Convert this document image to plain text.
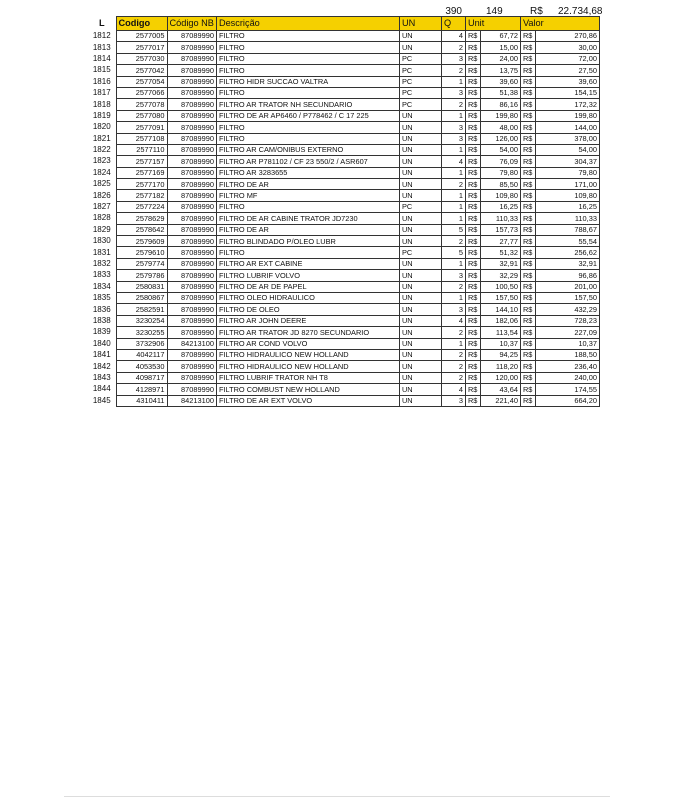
390 149	R$ 22.734,68
L	Codigo	Código NB	Descrição	UN	Q	Unit		Valor	
1812	2577005	87089990	FILTRO	UN	4	R$	67,72	R$	270,86
1813	2577017	87089990	FILTRO	UN	2	R$	15,00	R$	30,00
1814	2577030	87089990	FILTRO	PC	3	R$	24,00	R$	72,00
1815	2577042	87089990	FILTRO	PC	2	R$	13,75	R$	27,50
1816	2577054	87089990	FILTRO HIDR SUCCAO VALTRA	PC	1	R$	39,60	R$	39,60
1817	2577066	87089990	FILTRO	PC	3	R$	51,38	R$	154,15
1818	2577078	87089990	FILTRO AR TRATOR NH SECUNDARIO	PC	2	R$	86,16	R$	172,32
1819	2577080	87089990	FILTRO DE AR AP6460 / P778462 / C 17 225	UN	1	R$	199,80	R$	199,80
1820	2577091	87089990	FILTRO	UN	3	R$	48,00	R$	144,00
1821	2577108	87089990	FILTRO	UN	3	R$	126,00	R$	378,00
1822	2577110	87089990	FILTRO AR CAM/ONIBUS EXTERNO	UN	1	R$	54,00	R$	54,00
1823	2577157	87089990	FILTRO AR P781102 / CF 23 550/2 / ASR607	UN	4	R$	76,09	R$	304,37
1824	2577169	87089990	FILTRO AR 3283655	UN	1	R$	79,80	R$	79,80
1825	2577170	87089990	FILTRO DE AR	UN	2	R$	85,50	R$	171,00
1826	2577182	87089990	FILTRO MF	UN	1	R$	109,80	R$	109,80
1827	2577224	87089990	FILTRO	PC	1	R$	16,25	R$	16,25
1828	2578629	87089990	FILTRO DE AR CABINE TRATOR JD7230	UN	1	R$	110,33	R$	110,33
1829	2578642	87089990	FILTRO DE AR	UN	5	R$	157,73	R$	788,67
1830	2579609	87089990	FILTRO BLINDADO P/OLEO LUBR	UN	2	R$	27,77	R$	55,54
1831	2579610	87089990	FILTRO	PC	5	R$	51,32	R$	256,62
1832	2579774	87089990	FILTRO AR EXT CABINE	UN	1	R$	32,91	R$	32,91
1833	2579786	87089990	FILTRO LUBRIF VOLVO	UN	3	R$	32,29	R$	96,86
1834	2580831	87089990	FILTRO DE AR DE PAPEL	UN	2	R$	100,50	R$	201,00
1835	2580867	87089990	FILTRO OLEO HIDRAULICO	UN	1	R$	157,50	R$	157,50
1836	2582591	87089990	FILTRO DE OLEO	UN	3	R$	144,10	R$	432,29
1838	3230254	87089990	FILTRO AR JOHN DEERE	UN	4	R$	182,06	R$	728,23
1839	3230255	87089990	FILTRO AR TRATOR JD 8270 SECUNDARIO	UN	2	R$	113,54	R$	227,09
1840	3732906	84213100	FILTRO AR COND VOLVO	UN	1	R$	10,37	R$	10,37
1841	4042117	87089990	FILTRO HIDRAULICO NEW HOLLAND	UN	2	R$	94,25	R$	188,50
1842	4053530	87089990	FILTRO HIDRAULICO NEW HOLLAND	UN	2	R$	118,20	R$	236,40
1843	4098717	87089990	FILTRO LUBRIF TRATOR NH T8	UN	2	R$	120,00	R$	240,00
1844	4128971	87089990	FILTRO COMBUST NEW HOLLAND	UN	4	R$	43,64	R$	174,55
1845	4310411	84213100	FILTRO DE AR EXT VOLVO	UN	3	R$	221,40	R$	664,20
